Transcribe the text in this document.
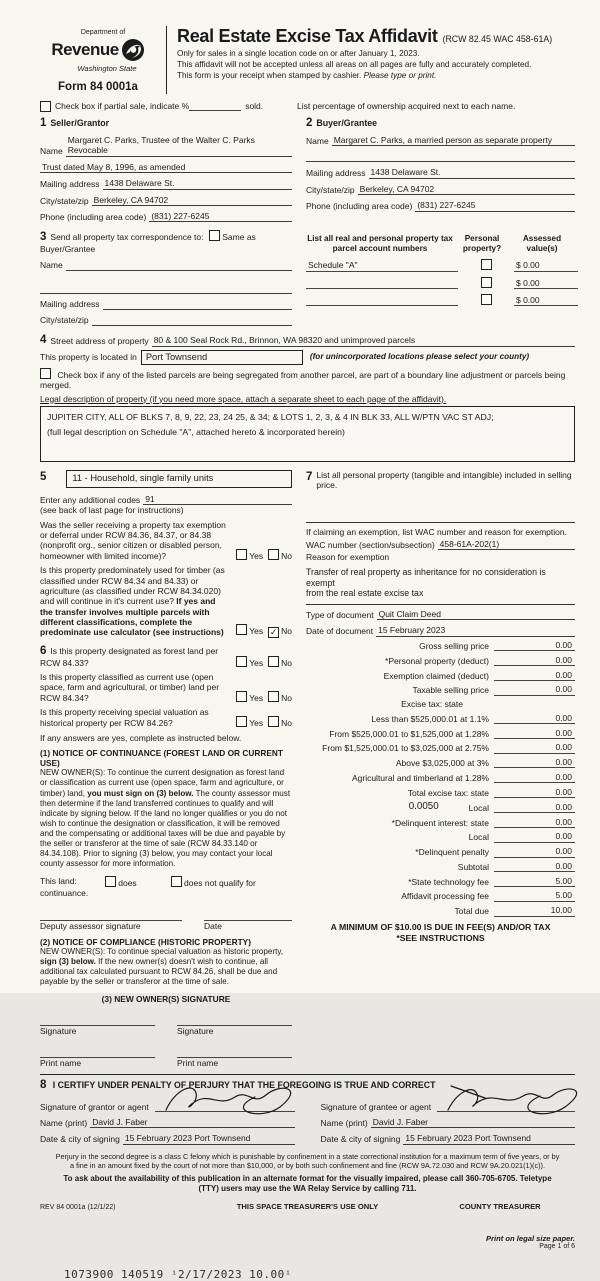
Department of
Revenue
Washington State
Form 84 0001a
Real Estate Excise Tax Affidavit (RCW 82.45 WAC 458-61A)
Only for sales in a single location code on or after January 1, 2023.
This affidavit will not be accepted unless all areas on all pages are fully and accurately completed.
This form is your receipt when stamped by cashier. Please type or print.
Check box if partial sale, indicate %	sold.	List percentage of ownership acquired next to each name.
1 Seller/Grantor
Name
Margaret C. Parks, Trustee of the Walter C. Parks Revocable
Trust dated May 8, 1996, as amended
Mailing address 1438 Delaware St.
City/state/zip Berkeley, CA 94702
Phone (including area code) (831) 227-6245
2 Buyer/Grantee
Name Margaret C. Parks, a married person as separate property
Mailing address 1438 Delaware St.
City/state/zip Berkeley, CA 94702
Phone (including area code) (831) 227-6245
3 Send all property tax correspondence to: Same as Buyer/Grantee
Name
Mailing address
City/state/zip
List all real and personal property tax
parcel account numbers
Personal
property?
Assessed
value(s)
Schedule "A"	$ 0.00
$ 0.00
$ 0.00
4 Street address of property 80 & 100 Seal Rock Rd., Brinnon, WA 98320 and unimproved parcels
This property is located in Port Townsend	(for unincorporated locations please select your county)
Check box if any of the listed parcels are being segregated from another parcel, are part of a boundary line adjustment or parcels being merged.
Legal description of property (if you need more space, attach a separate sheet to each page of the affidavit).
JUPITER CITY, ALL OF BLKS 7, 8, 9, 22, 23, 24 25, & 34; & LOTS 1, 2, 3, & 4 IN BLK 33, ALL W/PTN VAC ST ADJ;
(full legal description on Schedule "A", attached hereto & incorporated herein)
5	11 - Household, single family units
Enter any additional codes 91
(see back of last page for instructions)
Was the seller receiving a property tax exemption or deferral under RCW 84.36, 84.37, or 84.38 (nonprofit org., senior citizen or disabled person, homeowner with limited income)?	Yes No
Is this property predominately used for timber (as classified under RCW 84.34 and 84.33) or agriculture (as classified under RCW 84.34.020) and will continue in it's current use? If yes and the transfer involves multiple parcels with different classifications, complete the predominate use calculator (see instructions)	Yes ✓ No
6 Is this property designated as forest land per RCW 84.33?	Yes No
Is this property classified as current use (open space, farm and agricultural, or timber) land per RCW 84.34?	Yes No
Is this property receiving special valuation as historical property per RCW 84.26?	Yes No
If any answers are yes, complete as instructed below.
(1) NOTICE OF CONTINUANCE (FOREST LAND OR CURRENT USE)
NEW OWNER(S): To continue the current designation as forest land or classification as current use (open space, farm and agriculture, or timber) land, you must sign on (3) below. The county assessor must then determine if the land transferred continues to qualify and will indicate by signing below. If the land no longer qualifies or you do not wish to continue the designation or classification, it will be removed and the compensating or additional taxes will be due and payable by the seller or transferor at the time of sale (RCW 84.33.140 or 84.34.108). Prior to signing (3) below, you may contact your local county assessor for more information.
This land:	does	does not qualify for
continuance.
Deputy assessor signature	Date
(2) NOTICE OF COMPLIANCE (HISTORIC PROPERTY)
NEW OWNER(S): To continue special valuation as historic property, sign (3) below. If the new owner(s) doesn't wish to continue, all additional tax calculated pursuant to RCW 84.26, shall be due and payable by the seller or transferor at the time of sale.
(3) NEW OWNER(S) SIGNATURE
Signature	Signature
Print name	Print name
7 List all personal property (tangible and intangible) included in selling price.
If claiming an exemption, list WAC number and reason for exemption.
WAC number (section/subsection) 458-61A-202(1)
Reason for exemption
Transfer of real property as inheritance for no consideration is exempt
from the real estate excise tax
Type of document Quit Claim Deed
Date of document 15 February 2023
Gross selling price	0.00
*Personal property (deduct)	0.00
Exemption claimed (deduct)	0.00
Taxable selling price	0.00
Excise tax: state
Less than $525,000.01 at 1.1%	0.00
From $525,000.01 to $1,525,000 at 1.28%	0.00
From $1,525,000.01 to $3,025,000 at 2.75%	0.00
Above $3,025,000 at 3%	0.00
Agricultural and timberland at 1.28%	0.00
Total excise tax: state	0.00
0.0050	Local	0.00
*Delinquent interest: state	0.00
Local	0.00
*Delinquent penalty	0.00
Subtotal	0.00
*State technology fee	5.00
Affidavit processing fee	5.00
Total due	10.00
A MINIMUM OF $10.00 IS DUE IN FEE(S) AND/OR TAX
*SEE INSTRUCTIONS
8 I CERTIFY UNDER PENALTY OF PERJURY THAT THE FOREGOING IS TRUE AND CORRECT
Signature of grantor or agent
Name (print) David J. Faber
Date & city of signing 15 February 2023 Port Townsend
Signature of grantee or agent
Name (print) David J. Faber
Date & city of signing 15 February 2023 Port Townsend
Perjury in the second degree is a class C felony which is punishable by confinement in a state correctional institution for a maximum term of five years, or by
a fine in an amount fixed by the court of not more than $10,000, or by both such confinement and fine (RCW 9A.72.030 and RCW 9A.20.021(1)(c)).
To ask about the availability of this publication in an alternate format for the visually impaired, please call 360-705-6705. Teletype
(TTY) users may use the WA Relay Service by calling 711.
REV 84 0001a (12/1/22)	THIS SPACE TREASURER'S USE ONLY	COUNTY TREASURER
Print on legal size paper.
Page 1 of 6
1073900 140519 ⁱ2/17/2023 10.00ⁱ
